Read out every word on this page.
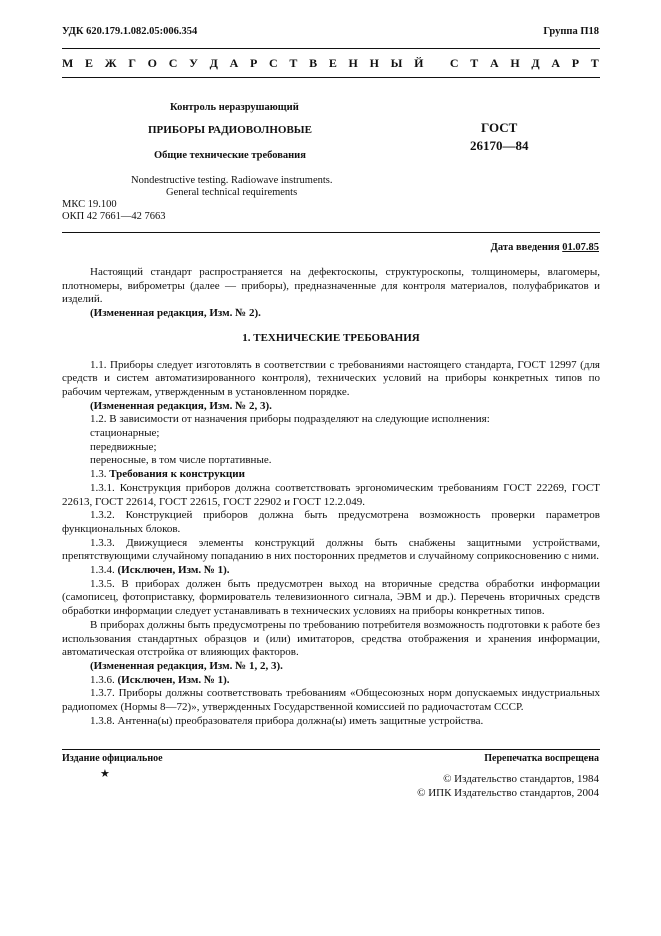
УДК 620.179.1.082.05:006.354	Группа П18
М Е Ж Г О С У Д А Р С Т В Е Н Н Ы Й
С Т А Н Д А Р Т
Контроль неразрушающий
ПРИБОРЫ РАДИОВОЛНОВЫЕ
Общие технические требования
ГОСТ
26170—84
Nondestructive testing. Radiowave instruments.
General technical requirements
МКС 19.100
ОКП 42 7661—42 7663
Дата введения 01.07.85

Настоящий стандарт распространяется на дефектоскопы, структуроскопы, толщиномеры, влагомеры, плотномеры, виброметры (далее — приборы), предназначенные для контроля материалов, полуфабрикатов и изделий.

(Измененная редакция, Изм. № 2).

1. ТЕХНИЧЕСКИЕ ТРЕБОВАНИЯ

1.1. Приборы следует изготовлять в соответствии с требованиями настоящего стандарта, ГОСТ 12997 (для средств и систем автоматизированного контроля), технических условий на приборы конкретных типов по рабочим чертежам, утвержденным в установленном порядке.

(Измененная редакция, Изм. № 2, 3).

1.2. В зависимости от назначения приборы подразделяют на следующие исполнения:

стационарные;

передвижные;

переносные, в том числе портативные.

1.3. Требования к конструкции

1.3.1. Конструкция приборов должна соответствовать эргономическим требованиям ГОСТ 22269, ГОСТ 22613, ГОСТ 22614, ГОСТ 22615, ГОСТ 22902 и ГОСТ 12.2.049.

1.3.2. Конструкцией приборов должна быть предусмотрена возможность проверки параметров функциональных блоков.

1.3.3. Движущиеся элементы конструкций должны быть снабжены защитными устройствами, препятствующими случайному попаданию в них посторонних предметов и случайному соприкосновению с ними.

1.3.4. (Исключен, Изм. № 1).

1.3.5. В приборах должен быть предусмотрен выход на вторичные средства обработки информации (самописец, фотоприставку, формирователь телевизионного сигнала, ЭВМ и др.). Перечень вторичных средств обработки информации следует устанавливать в технических условиях на приборы конкретных типов.

В приборах должны быть предусмотрены по требованию потребителя возможность подготовки к работе без использования стандартных образцов и (или) имитаторов, средства отображения и хранения информации, автоматическая отстройка от влияющих факторов.

(Измененная редакция, Изм. № 1, 2, 3).

1.3.6. (Исключен, Изм. № 1).

1.3.7. Приборы должны соответствовать требованиям «Общесоюзных норм допускаемых индустриальных радиопомех (Нормы 8—72)», утвержденных Государственной комиссией по радиочастотам СССР.

1.3.8. Антенна(ы) преобразователя прибора должна(ы) иметь защитные устройства.

Издание официальное
★
Перепечатка воспрещена
© Издательство стандартов, 1984
© ИПК Издательство стандартов, 2004
